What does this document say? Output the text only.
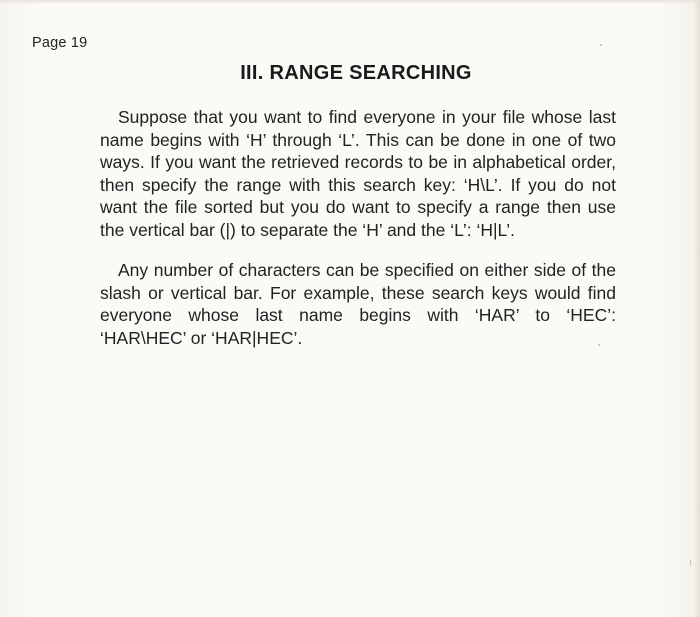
Page 19
III. RANGE SEARCHING
Suppose that you want to find everyone in your file whose last
name begins with ‘H’ through ‘L’. This can be done in one of two
ways. If you want the retrieved records to be in alphabetical order,
then specify the range with this search key: ‘H\L’. If you do not
want the file sorted but you do want to specify a range then use
the vertical bar (|) to separate the ‘H’ and the ‘L’: ‘H|L’.
Any number of characters can be specified on either side of the
slash or vertical bar. For example, these search keys would find
everyone whose last name begins with ‘HAR’ to ‘HEC’:
‘HAR\HEC’ or ‘HAR|HEC’.
